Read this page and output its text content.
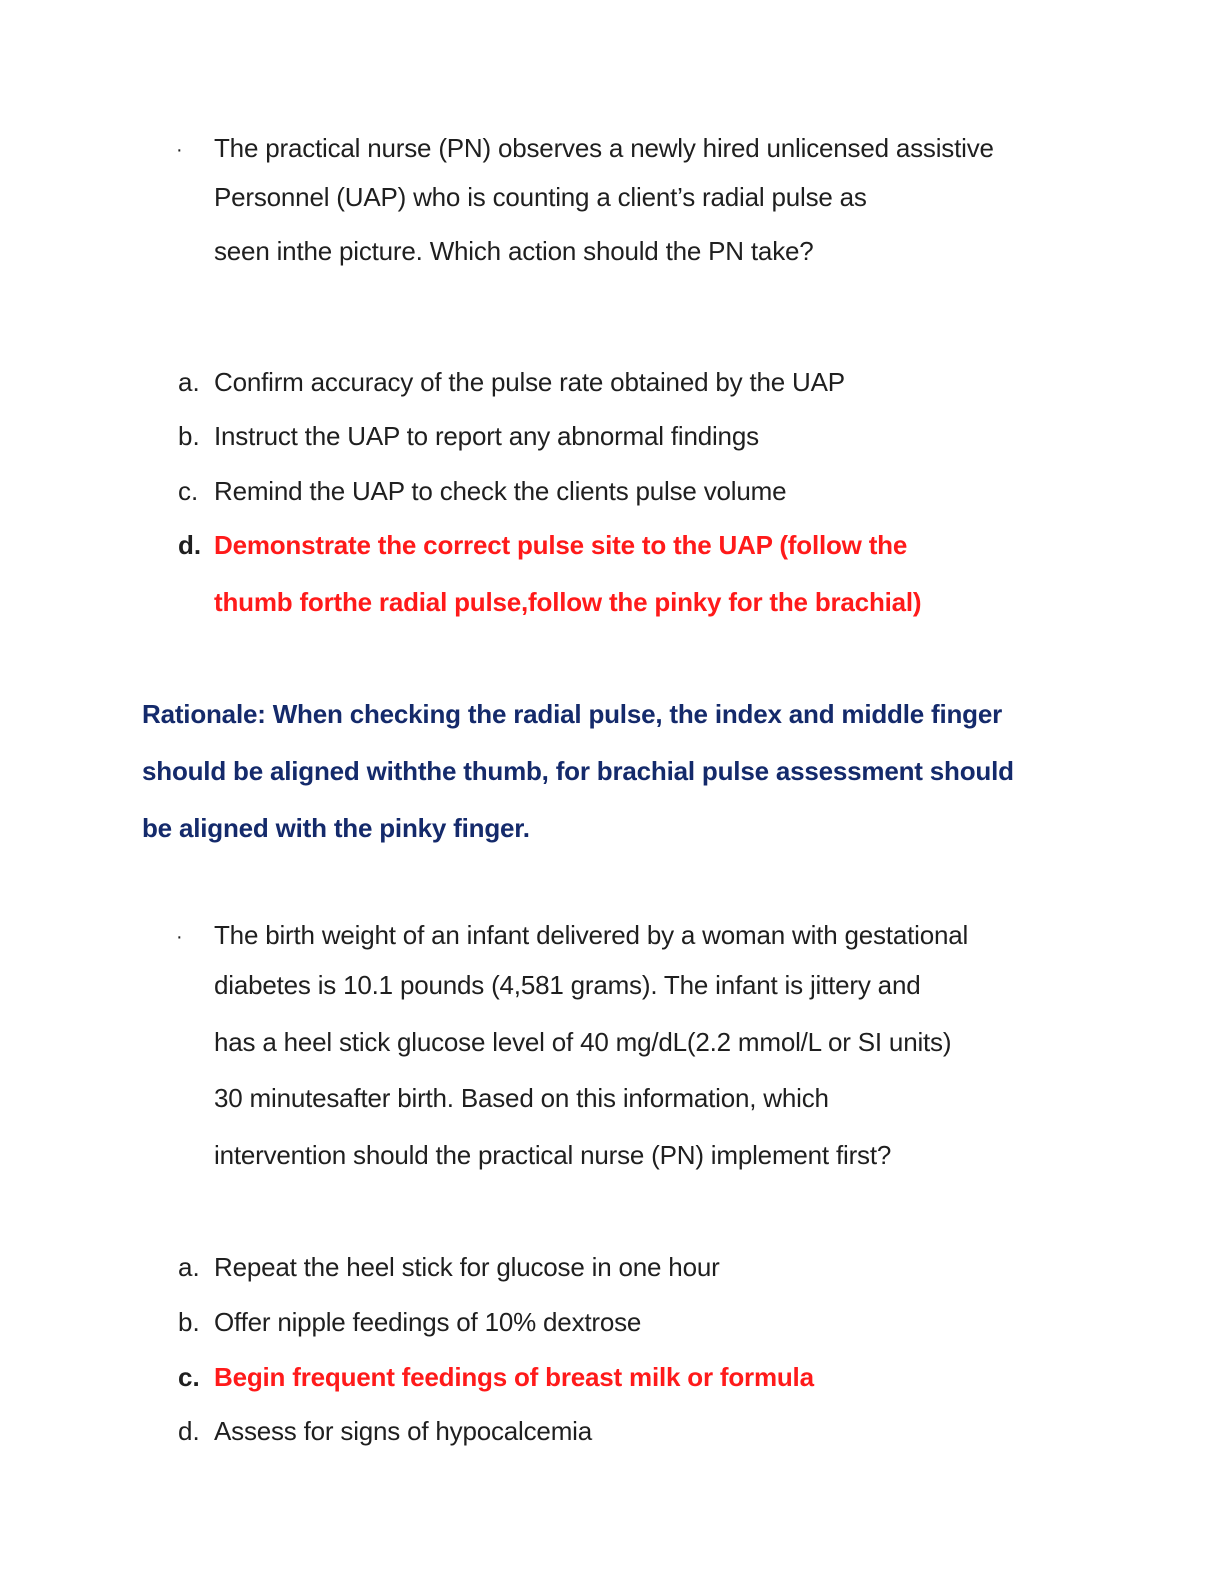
· The practical nurse (PN) observes a newly hired unlicensed assistive
Personnel (UAP) who is counting a client’s radial pulse as
seen inthe picture. Which action should the PN take?
a. Confirm accuracy of the pulse rate obtained by the UAP
b. Instruct the UAP to report any abnormal findings
c. Remind the UAP to check the clients pulse volume
d. Demonstrate the correct pulse site to the UAP (follow the
thumb forthe radial pulse,follow the pinky for the brachial)
Rationale: When checking the radial pulse, the index and middle finger
should be aligned withthe thumb, for brachial pulse assessment should
be aligned with the pinky finger.
· The birth weight of an infant delivered by a woman with gestational
diabetes is 10.1 pounds (4,581 grams). The infant is jittery and
has a heel stick glucose level of 40 mg/dL(2.2 mmol/L or SI units)
30 minutesafter birth. Based on this information, which
intervention should the practical nurse (PN) implement first?
a. Repeat the heel stick for glucose in one hour
b. Offer nipple feedings of 10% dextrose
c. Begin frequent feedings of breast milk or formula
d. Assess for signs of hypocalcemia
